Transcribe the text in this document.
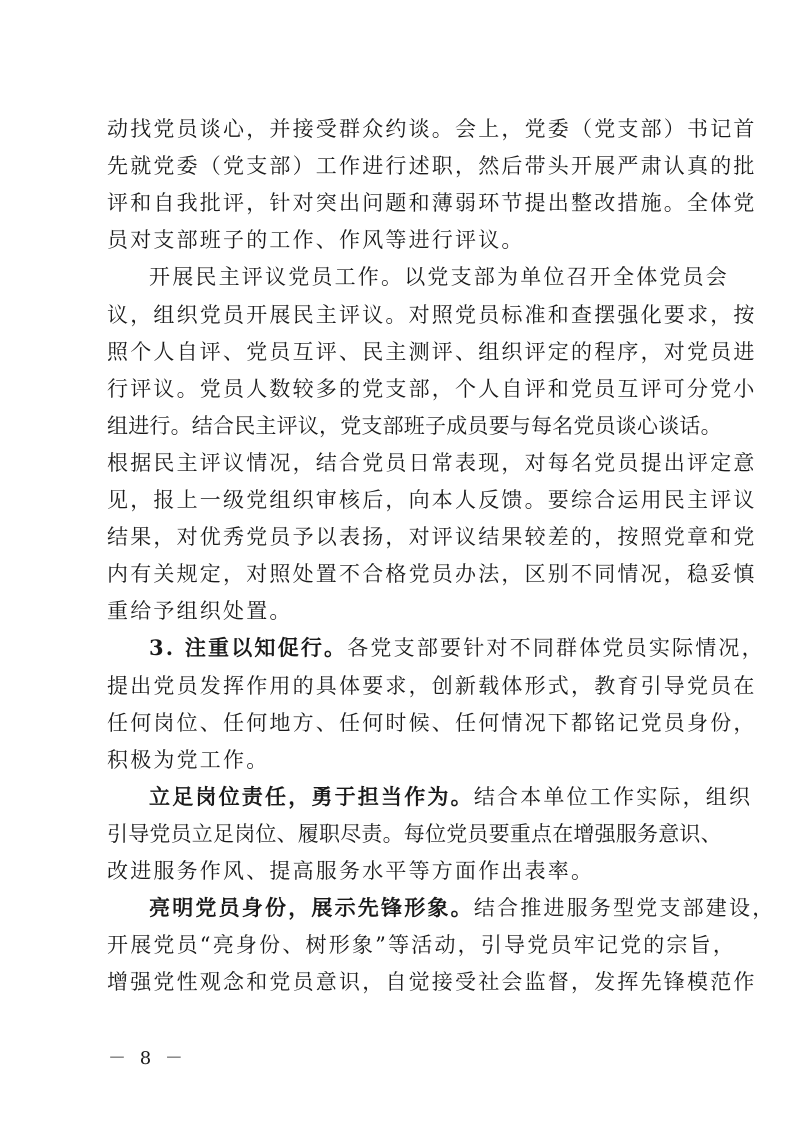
动找党员谈心，并接受群众约谈。会上，党委（党支部）书记首
先就党委（党支部）工作进行述职，然后带头开展严肃认真的批
评和自我批评，针对突出问题和薄弱环节提出整改措施。全体党
员对支部班子的工作、作风等进行评议。
开展民主评议党员工作。以党支部为单位召开全体党员会
议，组织党员开展民主评议。对照党员标准和查摆强化要求，按
照个人自评、党员互评、民主测评、组织评定的程序，对党员进
行评议。党员人数较多的党支部，个人自评和党员互评可分党小
组进行。结合民主评议，党支部班子成员要与每名党员谈心谈话。
根据民主评议情况，结合党员日常表现，对每名党员提出评定意
见，报上一级党组织审核后，向本人反馈。要综合运用民主评议
结果，对优秀党员予以表扬，对评议结果较差的，按照党章和党
内有关规定，对照处置不合格党员办法，区别不同情况，稳妥慎
重给予组织处置。
3. 注重以知促行。各党支部要针对不同群体党员实际情况，
提出党员发挥作用的具体要求，创新载体形式，教育引导党员在
任何岗位、任何地方、任何时候、任何情况下都铭记党员身份，
积极为党工作。
立足岗位责任，勇于担当作为。结合本单位工作实际，组织
引导党员立足岗位、履职尽责。每位党员要重点在增强服务意识、
改进服务作风、提高服务水平等方面作出表率。
亮明党员身份，展示先锋形象。结合推进服务型党支部建设，
开展党员“亮身份、树形象”等活动，引导党员牢记党的宗旨，
增强党性观念和党员意识，自觉接受社会监督，发挥先锋模范作
－ 8 －
